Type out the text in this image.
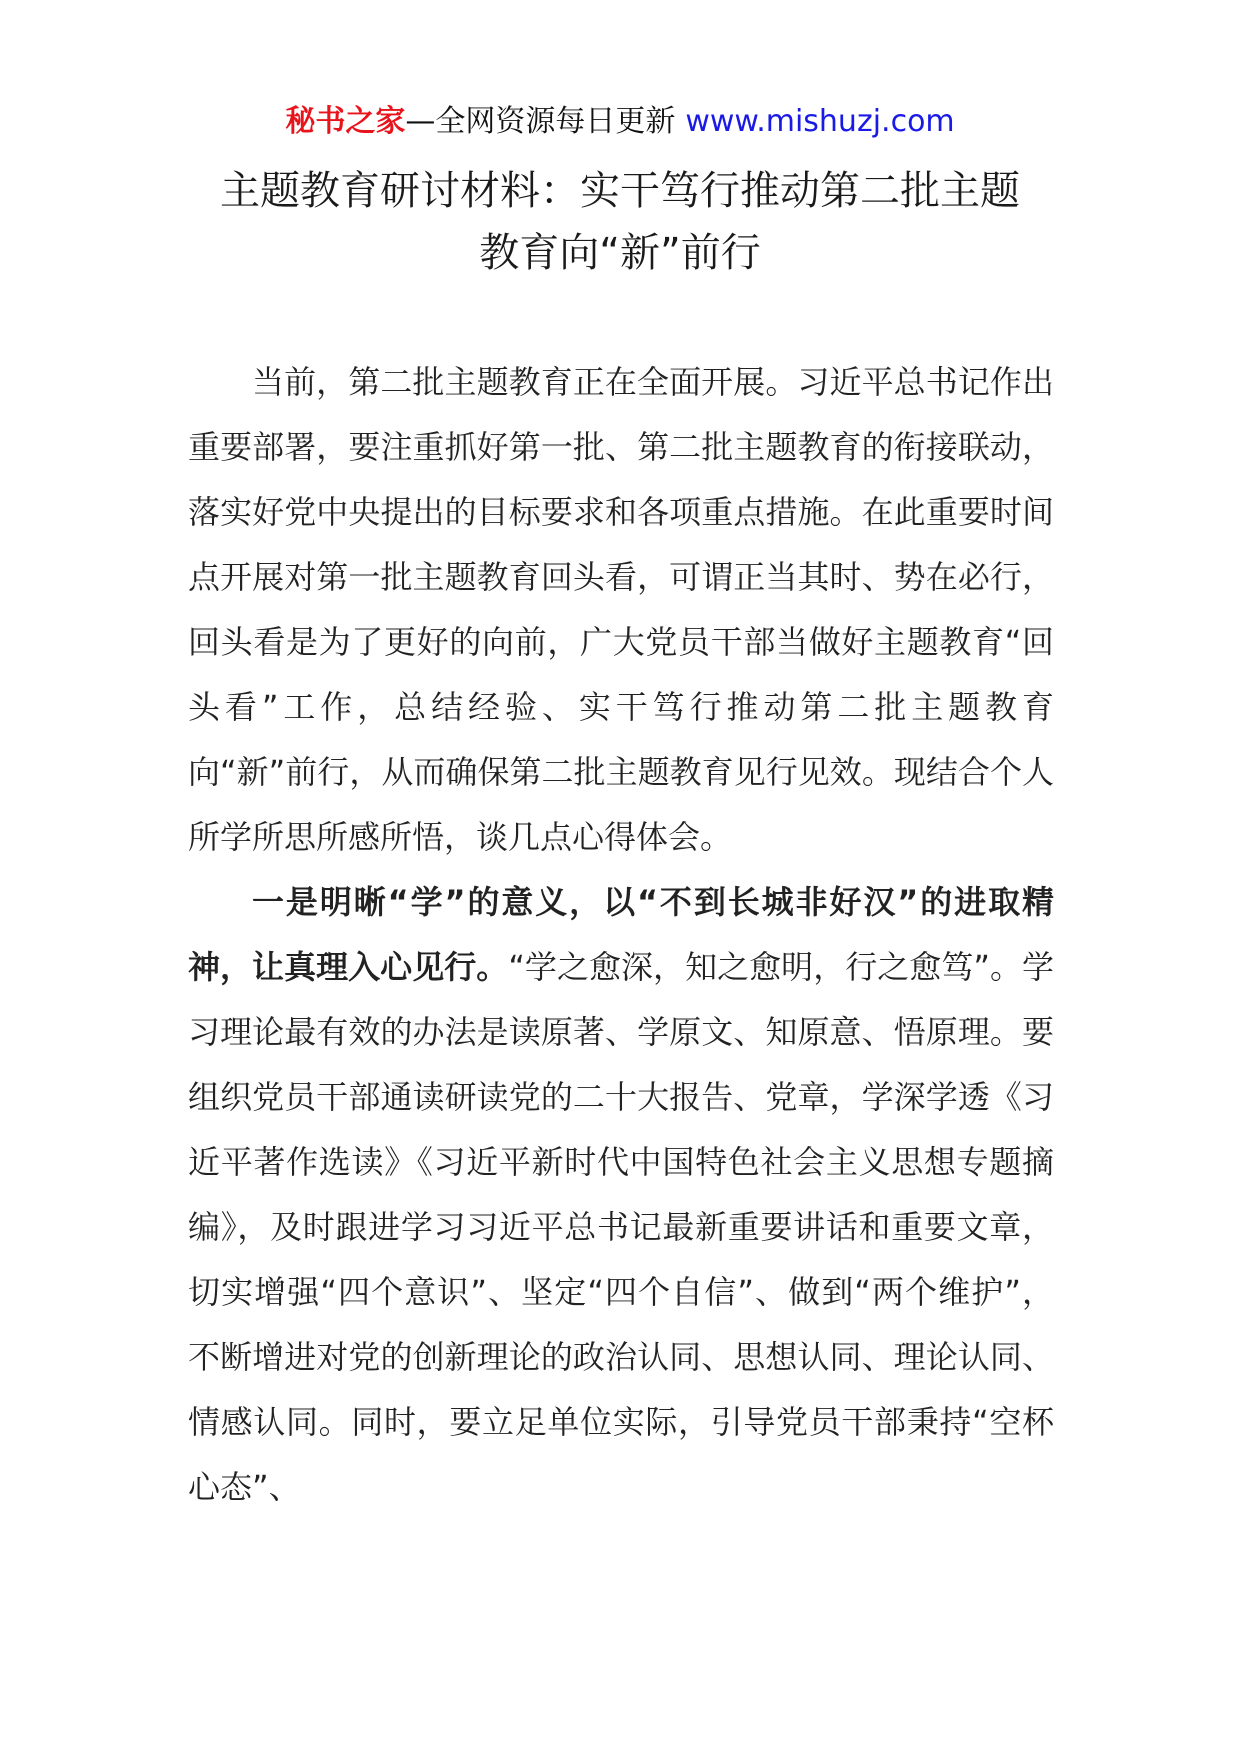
秘书之家—全网资源每日更新 www.mishuzj.com
主题教育研讨材料：实干笃行推动第二批主题
教育向“新”前行

当前，第二批主题教育正在全面开展。习近平总书记作出重要部署，要注重抓好第一批、第二批主题教育的衔接联动，落实好党中央提出的目标要求和各项重点措施。在此重要时间点开展对第一批主题教育回头看，可谓正当其时、势在必行，回头看是为了更好的向前，广大党员干部当做好主题教育“回头看”工作，总结经验、实干笃行推动第二批主题教育向“新”前行，从而确保第二批主题教育见行见效。现结合个人所学所思所感所悟，谈几点心得体会。

一是明晰“学”的意义，以“不到长城非好汉”的进取精神，让真理入心见行。“学之愈深，知之愈明，行之愈笃”。学习理论最有效的办法是读原著、学原文、知原意、悟原理。要组织党员干部通读研读党的二十大报告、党章，学深学透《习近平著作选读》《习近平新时代中国特色社会主义思想专题摘编》，及时跟进学习习近平总书记最新重要讲话和重要文章，切实增强“四个意识”、坚定“四个自信”、做到“两个维护”，不断增进对党的创新理论的政治认同、思想认同、理论认同、情感认同。同时，要立足单位实际，引导党员干部秉持“空杯心态”、
